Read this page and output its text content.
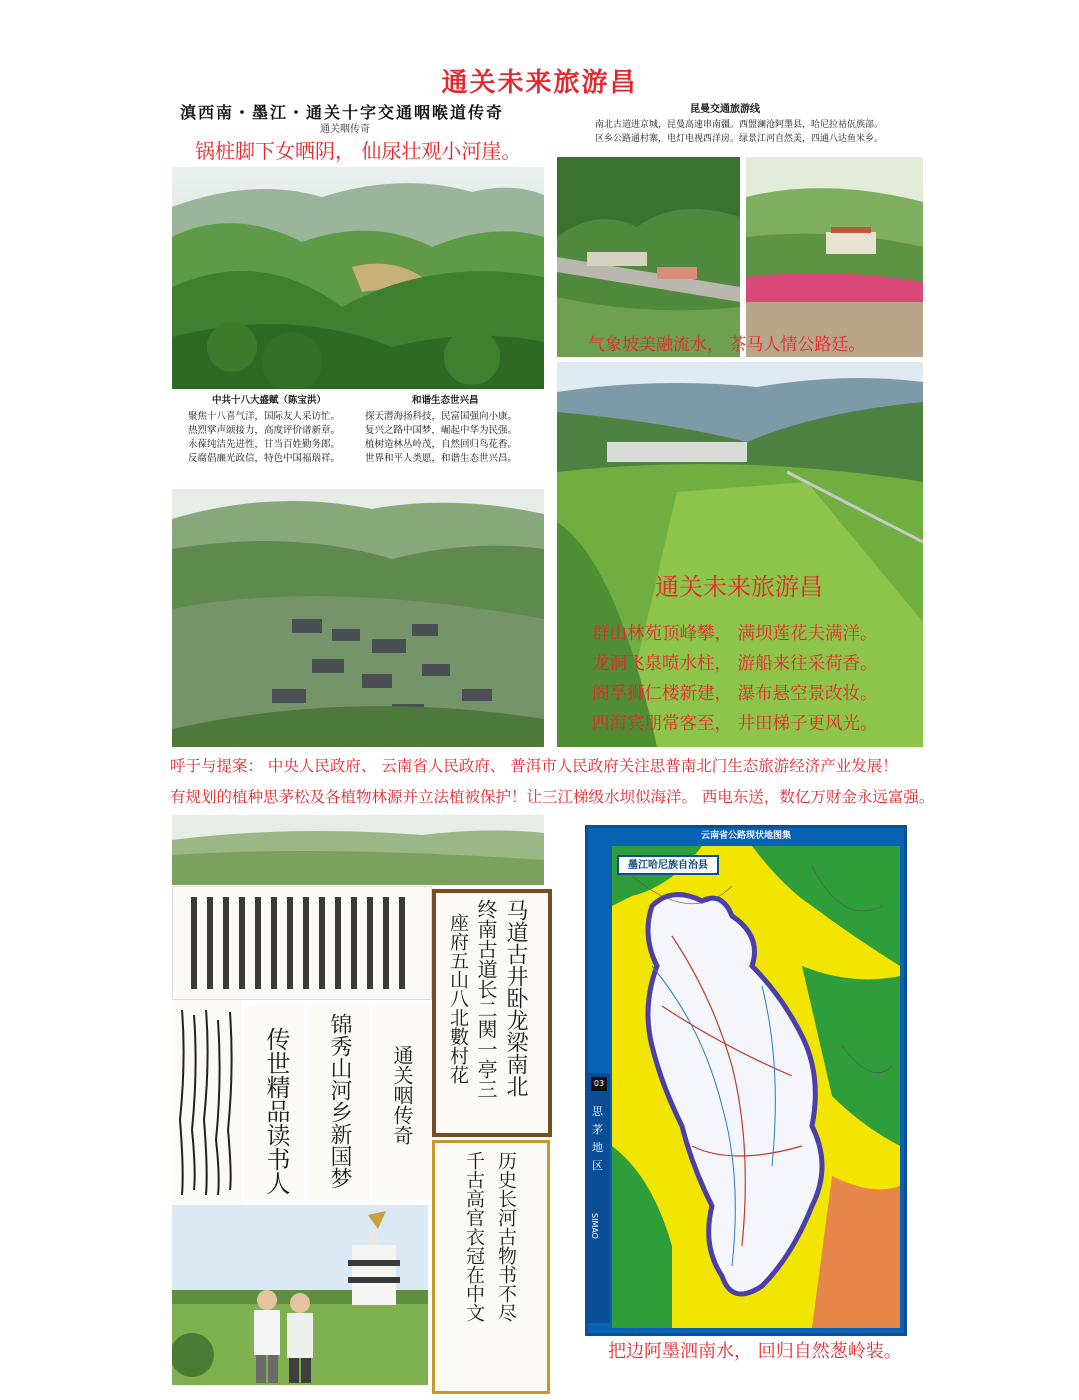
通关未来旅游昌
滇西南・墨江・通关十字交通咽喉道传奇
通关咽传奇
锅桩脚下女晒阴， 仙尿壮观小河崖。
昆曼交通旅游线
南北古道进京城，昆曼高速串南疆。西盟澜沧阿墨县，哈尼拉祜佤族部。
区乡公路通村寨，电灯电视西洋房。绿景江河自然美，四通八达鱼米乡。
气象坡美融流水， 茶马人情公路廷。
中共十八大盛赋（陈宝洪）	和谐生态世兴昌
聚焦十八喜气洋，国际友人采访忙。
热烈掌声颂接力，高度评价谱新章。
永葆纯洁先进性，甘当百姓勤务郎。
反腐倡廉光政信，特色中国福瑞祥。
探天潜海扬科技，民富国强向小康。
复兴之路中国梦，崛起中华为民强。
植树造林丛岭茂，自然回归鸟花香。
世界和平人类愿，和谐生态世兴昌。
通关未来旅游昌
群山林苑顶峰攀， 满坝莲花夫满洋。
龙洞飞泉喷水柱， 游船来往采荷香。
阁孚狮仁楼新建， 瀑布悬空景改妆。
四海宾朋常客至， 井田梯子更风光。
呼于与提案： 中央人民政府、 云南省人民政府、 普洱市人民政府关注思普南北门生态旅游经济产业发展！
有规划的植种思茅松及各植物林源并立法植被保护！让三江梯级水坝似海洋。 西电东送，数亿万财金永远富强。
马道古井卧龙梁南北
终南古道长二関一亭三
座府五山八北數村花
传世精品读书人 锦秀山河乡新国梦 通关咽传奇
历史长河古物书不尽
千古高官衣冠在中文
云南省公路现状地图集
03
思
茅
地
区
SIMAO
墨江哈尼族自治县
把边阿墨泗南水， 回归自然葱岭装。
